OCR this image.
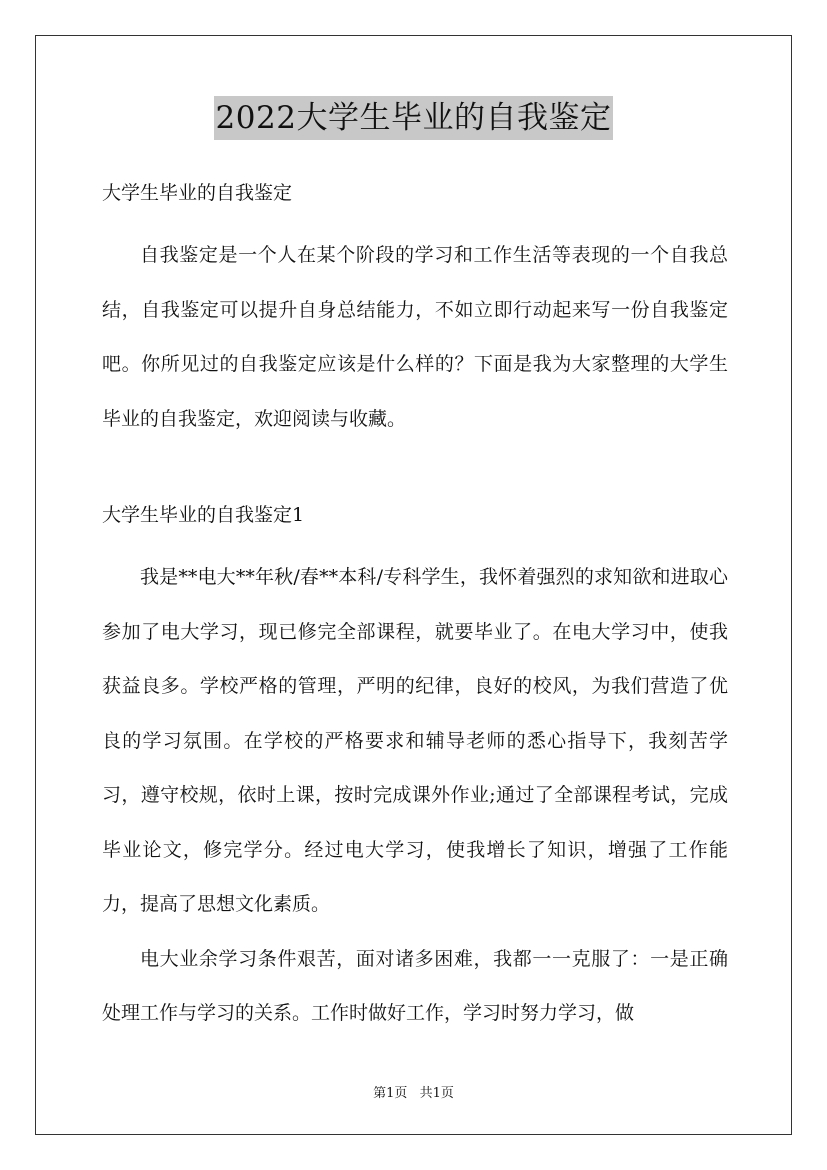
2022大学生毕业的自我鉴定

大学生毕业的自我鉴定

自我鉴定是一个人在某个阶段的学习和工作生活等表现的一个自我总结，自我鉴定可以提升自身总结能力，不如立即行动起来写一份自我鉴定吧。你所见过的自我鉴定应该是什么样的？下面是我为大家整理的大学生毕业的自我鉴定，欢迎阅读与收藏。

大学生毕业的自我鉴定1

我是**电大**年秋/春**本科/专科学生，我怀着强烈的求知欲和进取心参加了电大学习，现已修完全部课程，就要毕业了。在电大学习中，使我获益良多。学校严格的管理，严明的纪律，良好的校风，为我们营造了优良的学习氛围。在学校的严格要求和辅导老师的悉心指导下，我刻苦学习，遵守校规，依时上课，按时完成课外作业;通过了全部课程考试，完成毕业论文，修完学分。经过电大学习，使我增长了知识，增强了工作能力，提高了思想文化素质。

电大业余学习条件艰苦，面对诸多困难，我都一一克服了：一是正确处理工作与学习的关系。工作时做好工作，学习时努力学习，做

第1页 共1页
